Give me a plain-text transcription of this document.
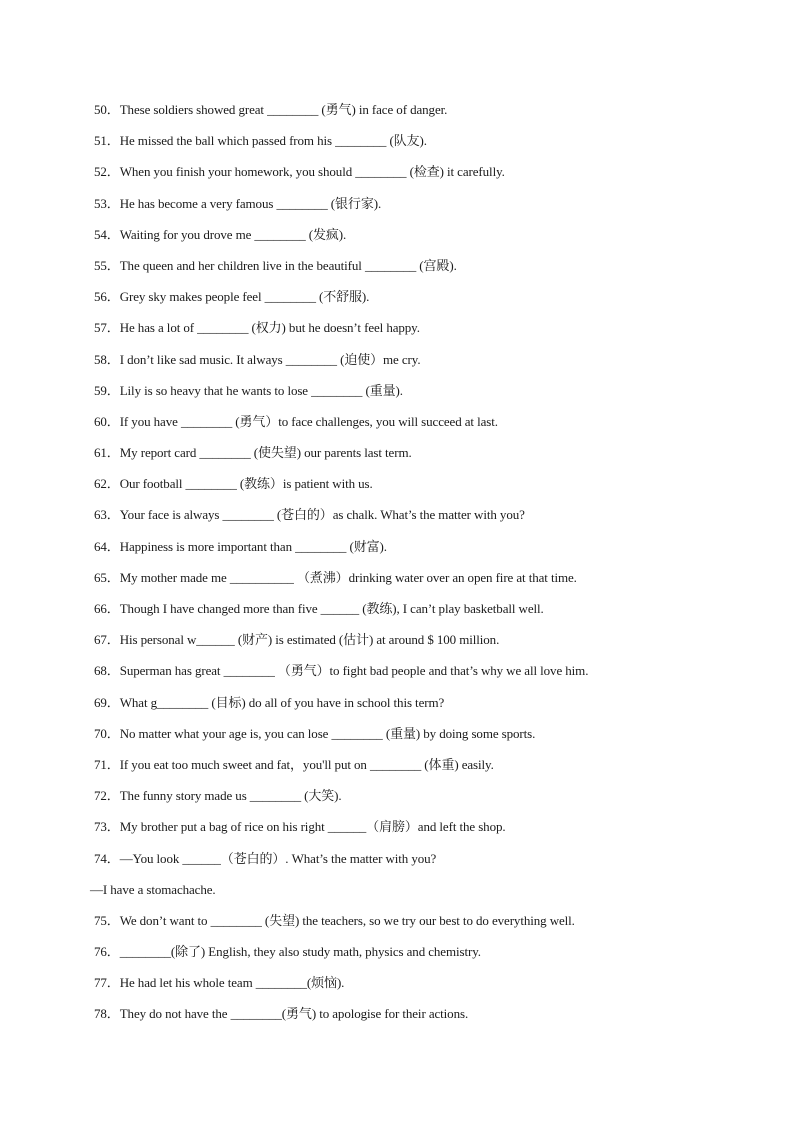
50．These soldiers showed great ________ (勇气) in face of danger.
51．He missed the ball which passed from his ________ (队友).
52．When you finish your homework, you should ________ (检查) it carefully.
53．He has become a very famous ________ (银行家).
54．Waiting for you drove me ________ (发疯).
55．The queen and her children live in the beautiful ________ (宫殿).
56．Grey sky makes people feel ________ (不舒服).
57．He has a lot of ________ (权力) but he doesn’t feel happy.
58．I don’t like sad music. It always ________ (迫使）me cry.
59．Lily is so heavy that he wants to lose ________ (重量).
60．If you have ________ (勇气）to face challenges, you will succeed at last.
61．My report card ________ (使失望) our parents last term.
62．Our football ________ (教练）is patient with us.
63．Your face is always ________ (苍白的）as chalk. What’s the matter with you?
64．Happiness is more important than ________ (财富).
65．My mother made me __________ （煮沸）drinking water over an open fire at that time.
66．Though I have changed more than five ______ (教练), I can’t play basketball well.
67．His personal w______ (财产) is estimated (估计) at around $ 100 million.
68．Superman has great ________ （勇气）to fight bad people and that’s why we all love him.
69．What g________ (目标) do all of you have in school this term?
70．No matter what your age is, you can lose ________ (重量) by doing some sports.
71．If you eat too much sweet and fat，you'll put on ________ (体重) easily.
72．The funny story made us ________ (大笑).
73．My brother put a bag of rice on his right ______（肩膀）and left the shop.
74．—You look ______（苍白的）. What’s the matter with you?
—I have a stomachache.
75．We don’t want to ________ (失望) the teachers, so we try our best to do everything well.
76．________(除了) English, they also study math, physics and chemistry.
77．He had let his whole team ________(烦恼).
78．They do not have the ________(勇气) to apologise for their actions.
